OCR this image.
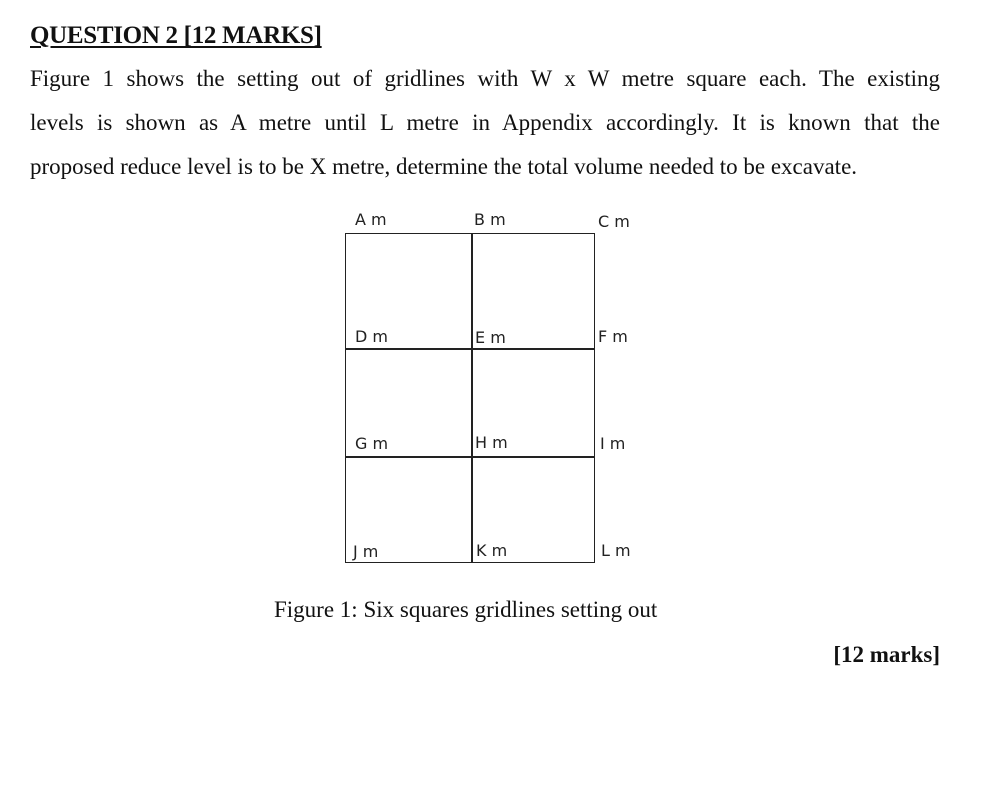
QUESTION 2 [12 MARKS]
Figure 1 shows the setting out of gridlines with W x W metre square each. The existing
levels is shown as A metre until L metre in Appendix accordingly. It is known that the
proposed reduce level is to be X metre, determine the total volume needed to be excavate.
A m	B m	C m
D m	E m	F m
G m	H m	I m
J m	K m	L m
Figure 1: Six squares gridlines setting out
[12 marks]
